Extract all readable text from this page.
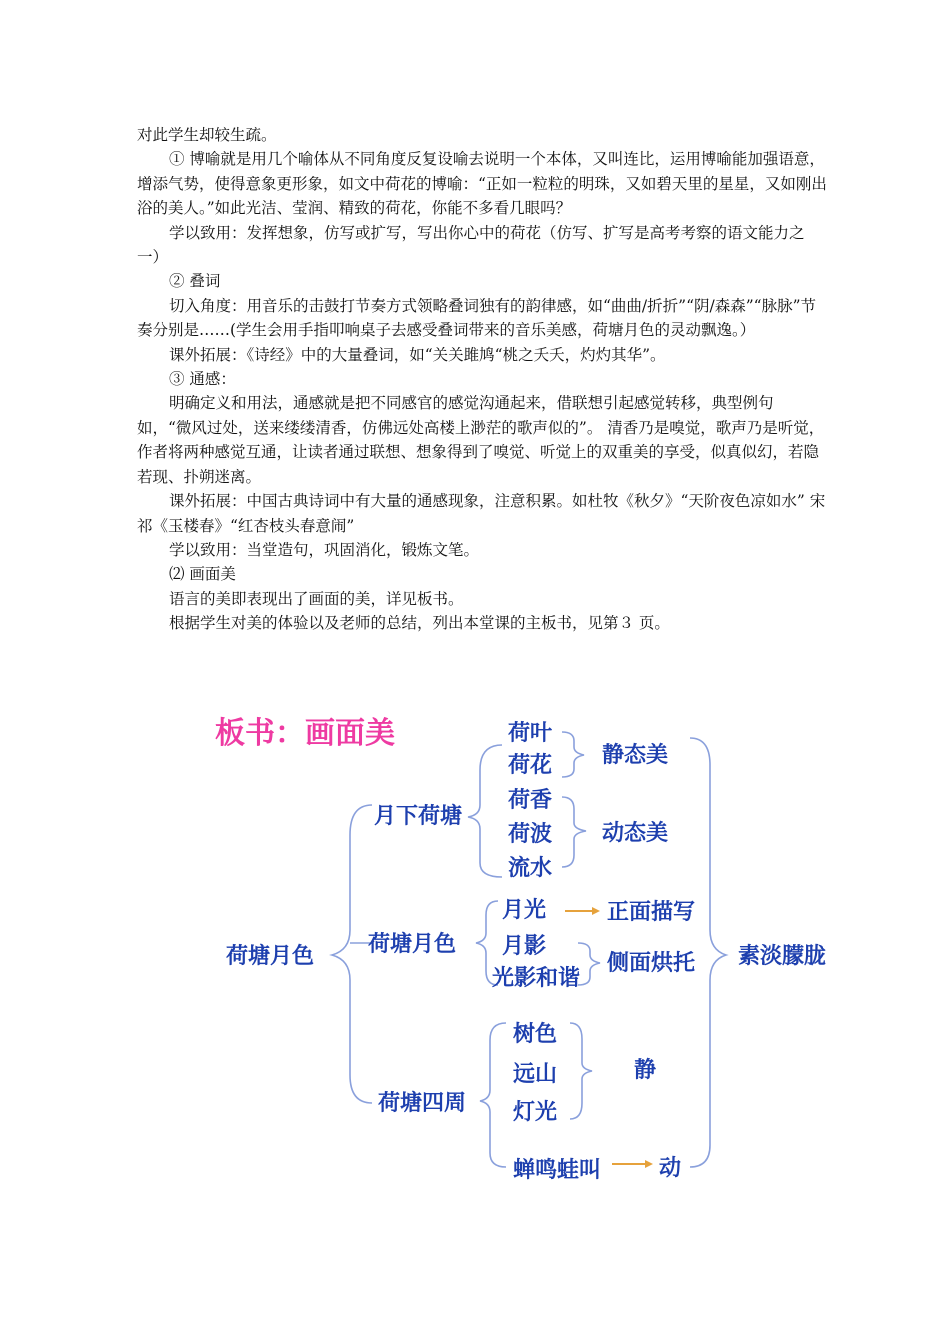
对此学生却较生疏。

① 博喻就是用几个喻体从不同角度反复设喻去说明一个本体，又叫连比，运用博喻能加强语意，增添气势，使得意象更形象，如文中荷花的博喻：“正如一粒粒的明珠，又如碧天里的星星，又如刚出浴的美人。”如此光洁、莹润、精致的荷花，你能不多看几眼吗？

学以致用：发挥想象，仿写或扩写，写出你心中的荷花（仿写、扩写是高考考察的语文能力之一）

② 叠词

切入角度：用音乐的击鼓打节奏方式领略叠词独有的韵律感，如“曲曲/折折”“阴/森森”“脉脉”节奏分别是……(学生会用手指叩响桌子去感受叠词带来的音乐美感，荷塘月色的灵动飘逸。）

课外拓展：《诗经》中的大量叠词，如“关关雎鸠“桃之夭夭，灼灼其华”。

③ 通感：

明确定义和用法，通感就是把不同感官的感觉沟通起来，借联想引起感觉转移，典型例句如，“微风过处，送来缕缕清香，仿佛远处高楼上渺茫的歌声似的”。 清香乃是嗅觉，歌声乃是听觉，作者将两种感觉互通，让读者通过联想、想象得到了嗅觉、听觉上的双重美的享受，似真似幻，若隐若现、扑朔迷离。

课外拓展：中国古典诗词中有大量的通感现象，注意积累。如杜牧《秋夕》“天阶夜色凉如水” 宋祁《玉楼春》“红杏枝头春意闹”

学以致用：当堂造句，巩固消化，锻炼文笔。

⑵ 画面美

语言的美即表现出了画面的美，详见板书。

根据学生对美的体验以及老师的总结，列出本堂课的主板书，见第３ 页。

板书：画面美
荷塘月色
月下荷塘
荷塘月色
荷塘四周
荷叶
荷花
荷香
荷波
流水
静态美
动态美
月光
月影
光影和谐
正面描写
侧面烘托
树色
远山
灯光
静
蝉鸣蛙叫	动
素淡朦胧
